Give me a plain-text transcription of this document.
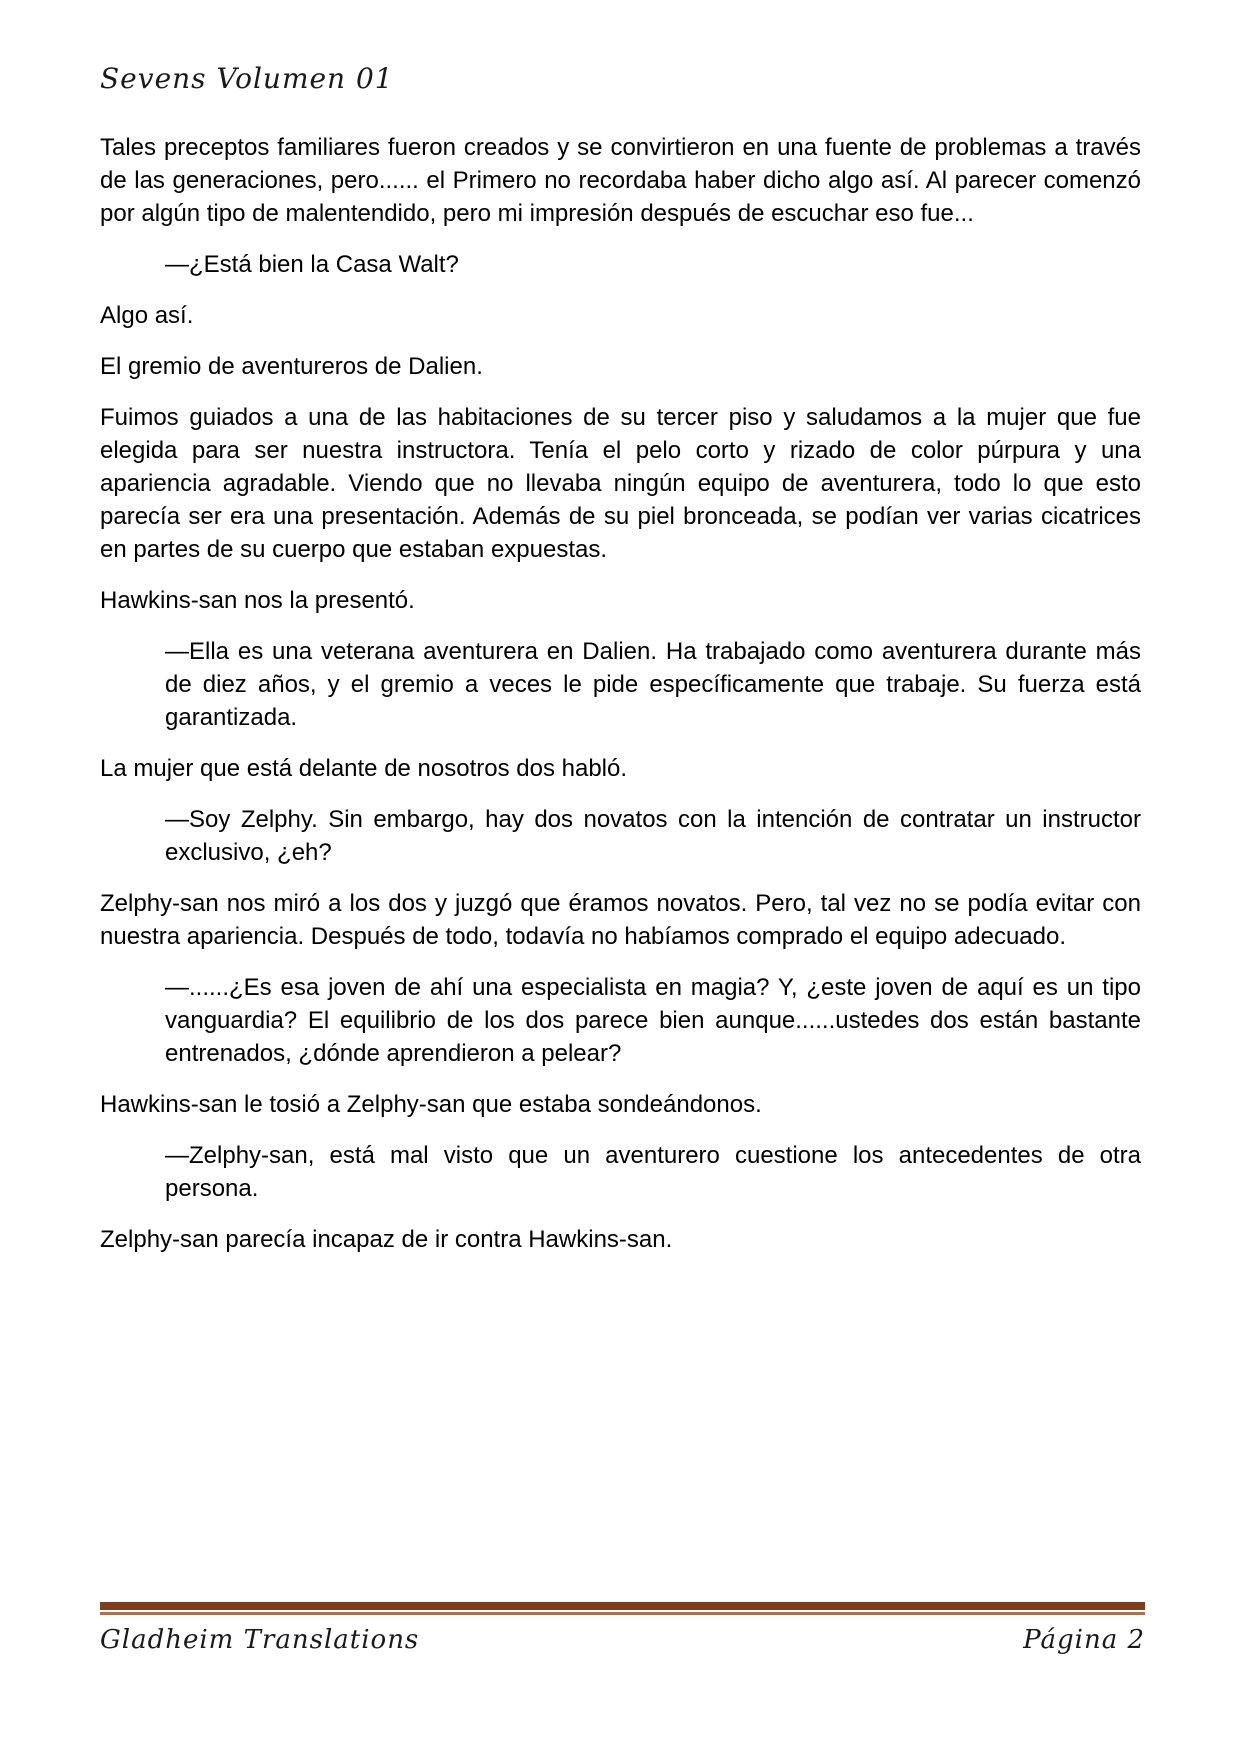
Sevens Volumen 01

Tales preceptos familiares fueron creados y se convirtieron en una fuente de problemas a través de las generaciones, pero...... el Primero no recordaba haber dicho algo así. Al parecer comenzó por algún tipo de malentendido, pero mi impresión después de escuchar eso fue...

—¿Está bien la Casa Walt?

Algo así.

El gremio de aventureros de Dalien.

Fuimos guiados a una de las habitaciones de su tercer piso y saludamos a la mujer que fue elegida para ser nuestra instructora. Tenía el pelo corto y rizado de color púrpura y una apariencia agradable. Viendo que no llevaba ningún equipo de aventurera, todo lo que esto parecía ser era una presentación. Además de su piel bronceada, se podían ver varias cicatrices en partes de su cuerpo que estaban expuestas.

Hawkins-san nos la presentó.

—Ella es una veterana aventurera en Dalien. Ha trabajado como aventurera durante más de diez años, y el gremio a veces le pide específicamente que trabaje. Su fuerza está garantizada.

La mujer que está delante de nosotros dos habló.

—Soy Zelphy. Sin embargo, hay dos novatos con la intención de contratar un instructor exclusivo, ¿eh?

Zelphy-san nos miró a los dos y juzgó que éramos novatos. Pero, tal vez no se podía evitar con nuestra apariencia. Después de todo, todavía no habíamos comprado el equipo adecuado.

—......¿Es esa joven de ahí una especialista en magia? Y, ¿este joven de aquí es un tipo vanguardia? El equilibrio de los dos parece bien aunque......ustedes dos están bastante entrenados, ¿dónde aprendieron a pelear?

Hawkins-san le tosió a Zelphy-san que estaba sondeándonos.

—Zelphy-san, está mal visto que un aventurero cuestione los antecedentes de otra persona.

Zelphy-san parecía incapaz de ir contra Hawkins-san.

Gladheim Translations	Página 2
